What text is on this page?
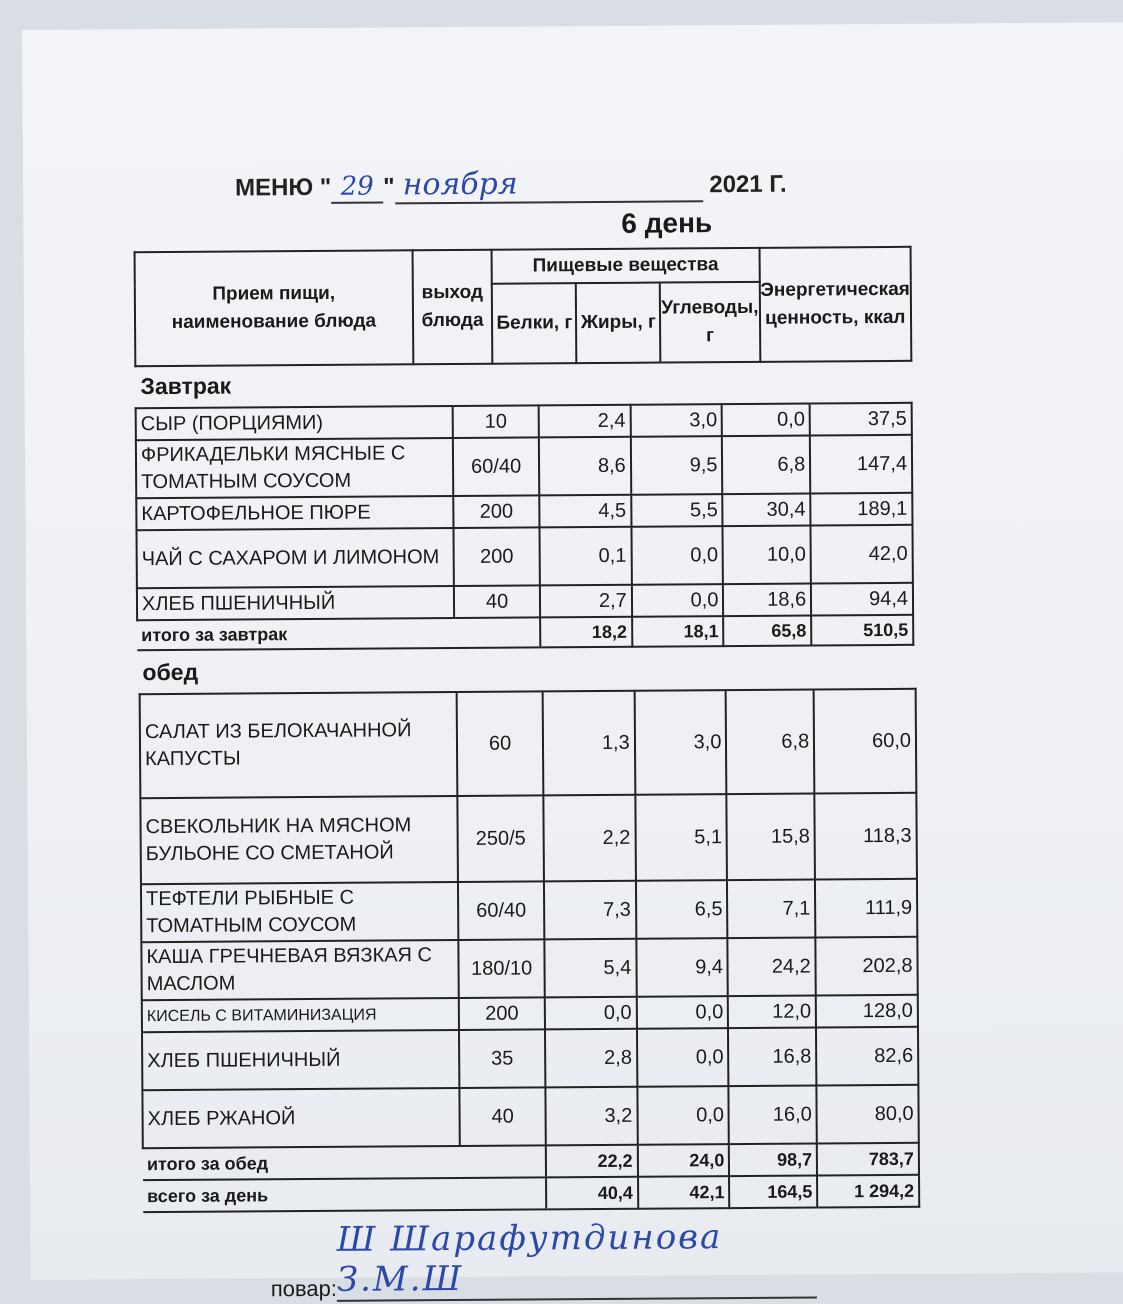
МЕНЮ " 29 " ноября	2021 Г.
6 день
Прием пищи, наименование блюда	выход блюда	Пищевые вещества			Энергетическая ценность, ккал
		Белки, г	Жиры, г	Углеводы, г	
Завтрак
СЫР (ПОРЦИЯМИ)	10	2,4	3,0	0,0	37,5
ФРИКАДЕЛЬКИ МЯСНЫЕ С ТОМАТНЫМ СОУСОМ	60/40	8,6	9,5	6,8	147,4
КАРТОФЕЛЬНОЕ ПЮРЕ	200	4,5	5,5	30,4	189,1
ЧАЙ С САХАРОМ И ЛИМОНОМ	200	0,1	0,0	10,0	42,0
ХЛЕБ ПШЕНИЧНЫЙ	40	2,7	0,0	18,6	94,4
итого за завтрак		18,2	18,1	65,8	510,5
обед
САЛАТ ИЗ БЕЛОКАЧАННОЙ КАПУСТЫ	60	1,3	3,0	6,8	60,0
СВЕКОЛЬНИК НА МЯСНОМ БУЛЬОНЕ СО СМЕТАНОЙ	250/5	2,2	5,1	15,8	118,3
ТЕФТЕЛИ РЫБНЫЕ С ТОМАТНЫМ СОУСОМ	60/40	7,3	6,5	7,1	111,9
КАША ГРЕЧНЕВАЯ ВЯЗКАЯ С МАСЛОМ	180/10	5,4	9,4	24,2	202,8
КИСЕЛЬ С ВИТАМИНИЗАЦИЯ	200	0,0	0,0	12,0	128,0
ХЛЕБ ПШЕНИЧНЫЙ	35	2,8	0,0	16,8	82,6
ХЛЕБ РЖАНОЙ	40	3,2	0,0	16,0	80,0
итого за обед		22,2	24,0	98,7	783,7
всего за день		40,4	42,1	164,5	1 294,2
повар:Ш Шарафутдинова З.М.Ш
